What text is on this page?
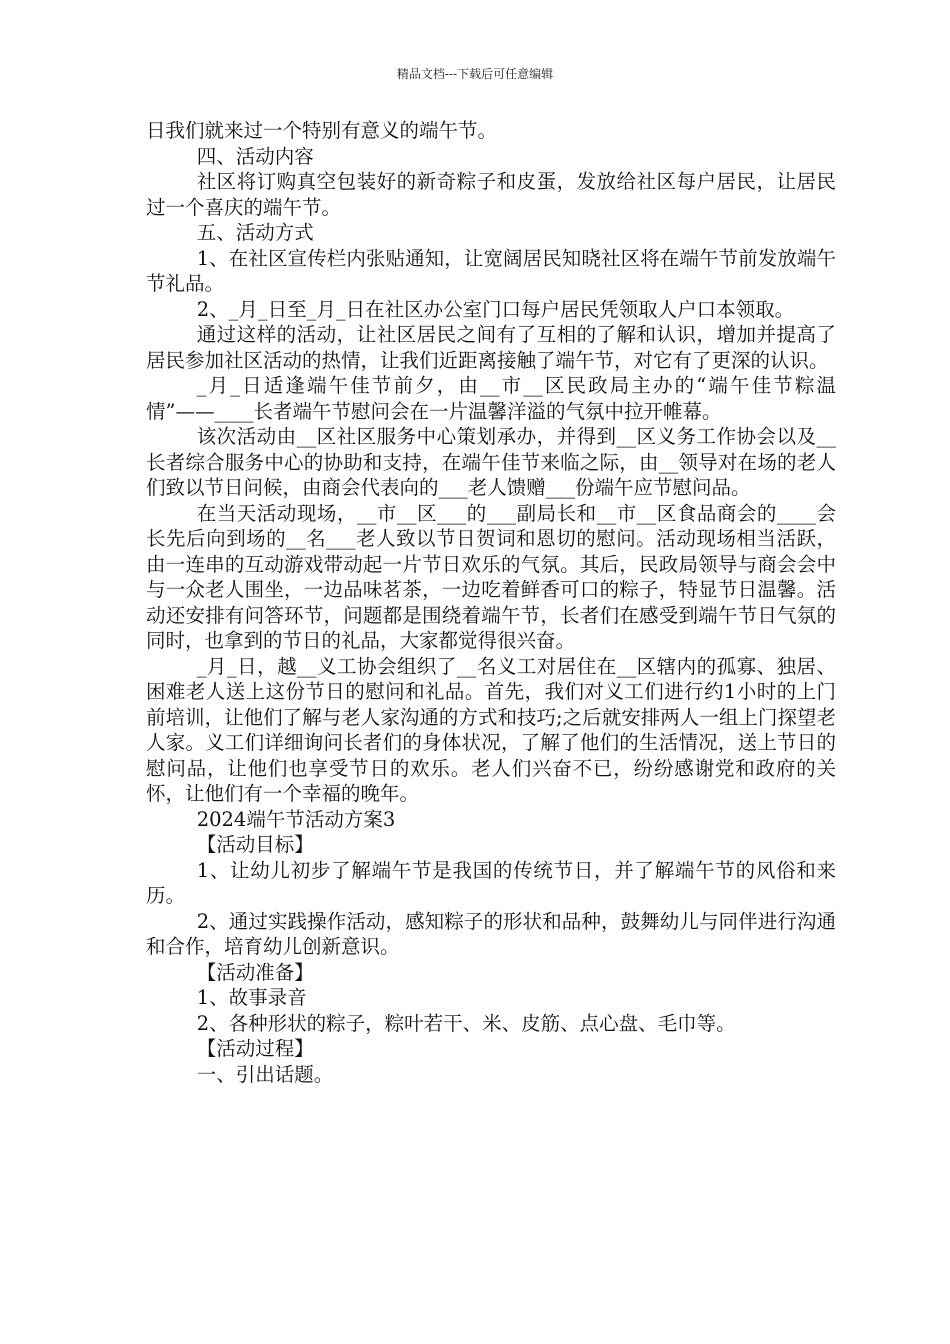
精品文档---下载后可任意编辑

日我们就来过一个特别有意义的端午节。

四、活动内容

社区将订购真空包装好的新奇粽子和皮蛋，发放给社区每户居民，让居民过一个喜庆的端午节。

五、活动方式

1、在社区宣传栏内张贴通知，让宽阔居民知晓社区将在端午节前发放端午节礼品。

2、_月_日至_月_日在社区办公室门口每户居民凭领取人户口本领取。

通过这样的活动，让社区居民之间有了互相的了解和认识，增加并提高了居民参加社区活动的热情，让我们近距离接触了端午节，对它有了更深的认识。

_月_日适逢端午佳节前夕，由__市__区民政局主办的“端午佳节粽温情”——____长者端午节慰问会在一片温馨洋溢的气氛中拉开帷幕。

该次活动由__区社区服务中心策划承办，并得到__区义务工作协会以及__长者综合服务中心的协助和支持，在端午佳节来临之际，由__领导对在场的老人们致以节日问候，由商会代表向的___老人馈赠___份端午应节慰问品。

在当天活动现场，__市__区___的___副局长和__市__区食品商会的____会长先后向到场的__名___老人致以节日贺词和恩切的慰问。活动现场相当活跃，由一连串的互动游戏带动起一片节日欢乐的气氛。其后，民政局领导与商会会中与一众老人围坐，一边品味茗茶，一边吃着鲜香可口的粽子，特显节日温馨。活动还安排有问答环节，问题都是围绕着端午节，长者们在感受到端午节日气氛的同时，也拿到的节日的礼品，大家都觉得很兴奋。

_月_日，越__义工协会组织了__名义工对居住在__区辖内的孤寡、独居、困难老人送上这份节日的慰问和礼品。首先，我们对义工们进行约1小时的上门前培训，让他们了解与老人家沟通的方式和技巧;之后就安排两人一组上门探望老人家。义工们详细询问长者们的身体状况，了解了他们的生活情况，送上节日的慰问品，让他们也享受节日的欢乐。老人们兴奋不已，纷纷感谢党和政府的关怀，让他们有一个幸福的晚年。

2024端午节活动方案3

【活动目标】

1、让幼儿初步了解端午节是我国的传统节日，并了解端午节的风俗和来历。

2、通过实践操作活动，感知粽子的形状和品种，鼓舞幼儿与同伴进行沟通和合作，培育幼儿创新意识。

【活动准备】

1、故事录音

2、各种形状的粽子，粽叶若干、米、皮筋、点心盘、毛巾等。

【活动过程】

一、引出话题。
